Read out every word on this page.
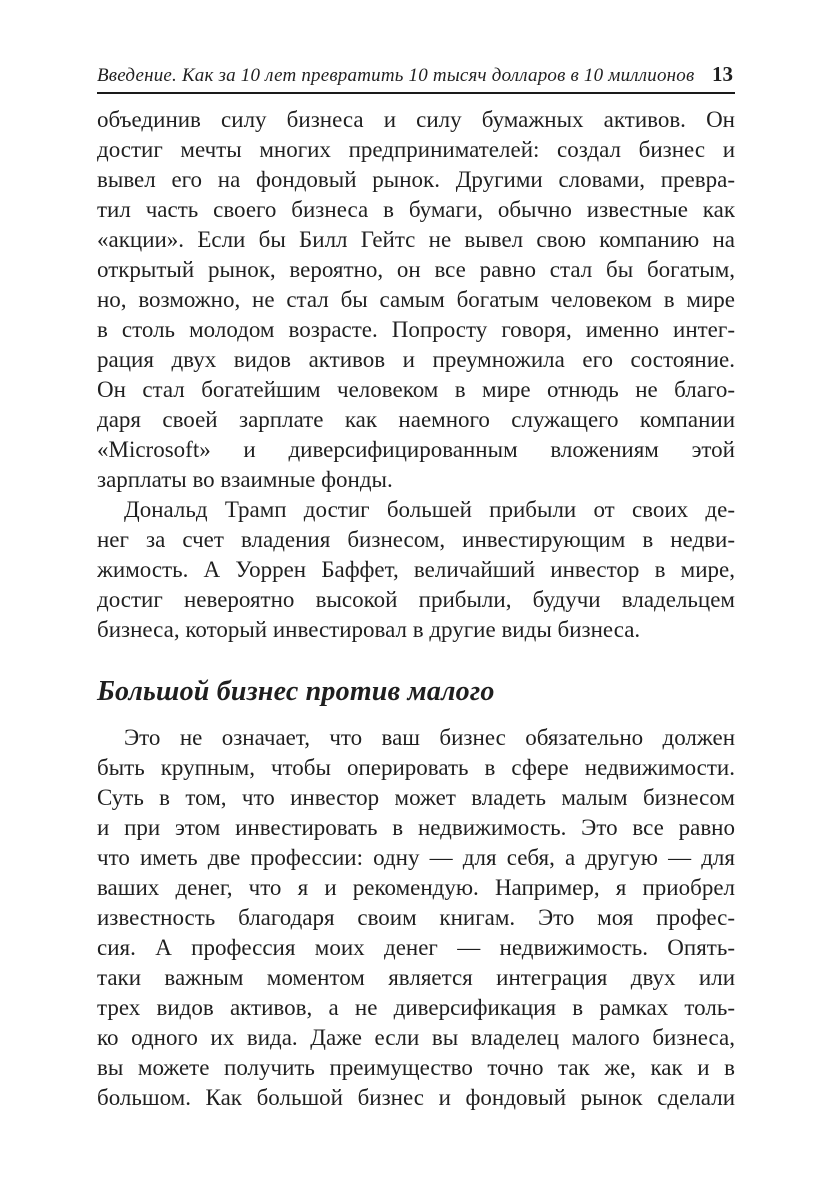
Введение. Как за 10 лет превратить 10 тысяч долларов в 10 миллионов 13
объединив силу бизнеса и силу бумажных активов. Он
достиг мечты многих предпринимателей: создал бизнес и
вывел его на фондовый рынок. Другими словами, превра-
тил часть своего бизнеса в бумаги, обычно известные как
«акции». Если бы Билл Гейтс не вывел свою компанию на
открытый рынок, вероятно, он все равно стал бы богатым,
но, возможно, не стал бы самым богатым человеком в мире
в столь молодом возрасте. Попросту говоря, именно интег-
рация двух видов активов и преумножила его состояние.
Он стал богатейшим человеком в мире отнюдь не благо-
даря своей зарплате как наемного служащего компании
«Microsoft» и диверсифицированным вложениям этой
зарплаты во взаимные фонды.
Дональд Трамп достиг большей прибыли от своих де-
нег за счет владения бизнесом, инвестирующим в недви-
жимость. А Уоррен Баффет, величайший инвестор в мире,
достиг невероятно высокой прибыли, будучи владельцем
бизнеса, который инвестировал в другие виды бизнеса.
Большой бизнес против малого
Это не означает, что ваш бизнес обязательно должен
быть крупным, чтобы оперировать в сфере недвижимости.
Суть в том, что инвестор может владеть малым бизнесом
и при этом инвестировать в недвижимость. Это все равно
что иметь две профессии: одну — для себя, а другую — для
ваших денег, что я и рекомендую. Например, я приобрел
известность благодаря своим книгам. Это моя профес-
сия. А профессия моих денег — недвижимость. Опять-
таки важным моментом является интеграция двух или
трех видов активов, а не диверсификация в рамках толь-
ко одного их вида. Даже если вы владелец малого бизнеса,
вы можете получить преимущество точно так же, как и в
большом. Как большой бизнес и фондовый рынок сделали
